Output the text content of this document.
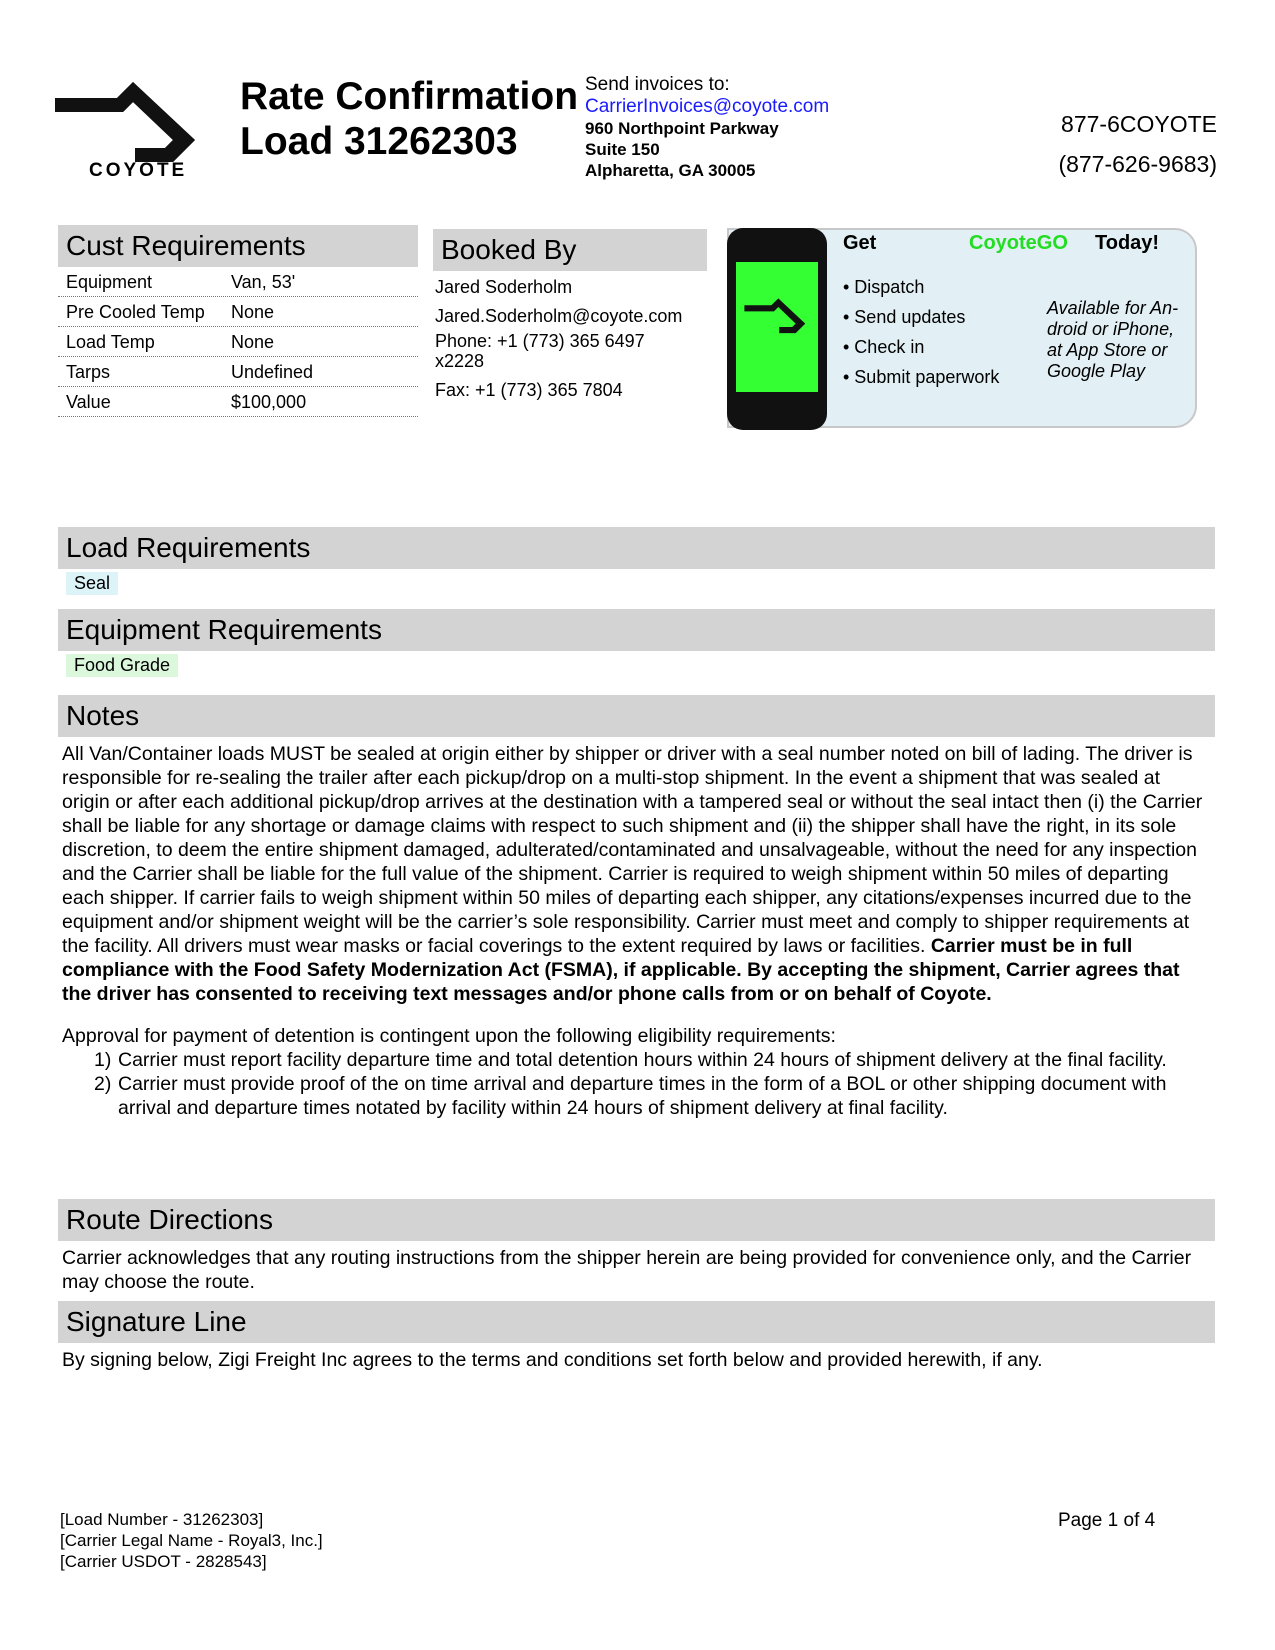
COYOTE
Rate Confirmation
Load 31262303
Send invoices to:
CarrierInvoices@coyote.com
960 Northpoint Parkway
Suite 150
Alpharetta, GA 30005
877-6COYOTE
(877-626-9683)
Cust Requirements
Equipment	Van, 53'
Pre Cooled Temp	None
Load Temp	None
Tarps	Undefined
Value	$100,000
Booked By
Jared Soderholm
Jared.Soderholm@coyote.com
Phone: +1 (773) 365 6497
x2228
Fax: +1 (773) 365 7804
Get	CoyoteGO Today!
• Dispatch
• Send updates
• Check in
• Submit paperwork
Available for An-
droid or iPhone,
at App Store or
Google Play
Load Requirements
Seal
Equipment Requirements
Food Grade
Notes
All Van/Container loads MUST be sealed at origin either by shipper or driver with a seal number noted on bill of lading. The driver is responsible for re-sealing the trailer after each pickup/drop on a multi-stop shipment. In the event a shipment that was sealed at origin or after each additional pickup/drop arrives at the destination with a tampered seal or without the seal intact then (i) the Carrier shall be liable for any shortage or damage claims with respect to such shipment and (ii) the shipper shall have the right, in its sole discretion, to deem the entire shipment damaged, adulterated/contaminated and unsalvageable, without the need for any inspection and the Carrier shall be liable for the full value of the shipment. Carrier is required to weigh shipment within 50 miles of departing each shipper. If carrier fails to weigh shipment within 50 miles of departing each shipper, any citations/expenses incurred due to the equipment and/or shipment weight will be the carrier’s sole responsibility. Carrier must meet and comply to shipper requirements at the facility. All drivers must wear masks or facial coverings to the extent required by laws or facilities. Carrier must be in full compliance with the Food Safety Modernization Act (FSMA), if applicable. By accepting the shipment, Carrier agrees that the driver has consented to receiving text messages and/or phone calls from or on behalf of Coyote.
Approval for payment of detention is contingent upon the following eligibility requirements:
1) Carrier must report facility departure time and total detention hours within 24 hours of shipment delivery at the final facility.
2) Carrier must provide proof of the on time arrival and departure times in the form of a BOL or other shipping document with arrival and departure times notated by facility within 24 hours of shipment delivery at final facility.
Route Directions
Carrier acknowledges that any routing instructions from the shipper herein are being provided for convenience only, and the Carrier may choose the route.
Signature Line
By signing below, Zigi Freight Inc agrees to the terms and conditions set forth below and provided herewith, if any.
[Load Number - 31262303]
[Carrier Legal Name - Royal3, Inc.]
[Carrier USDOT - 2828543]
Page 1 of 4
